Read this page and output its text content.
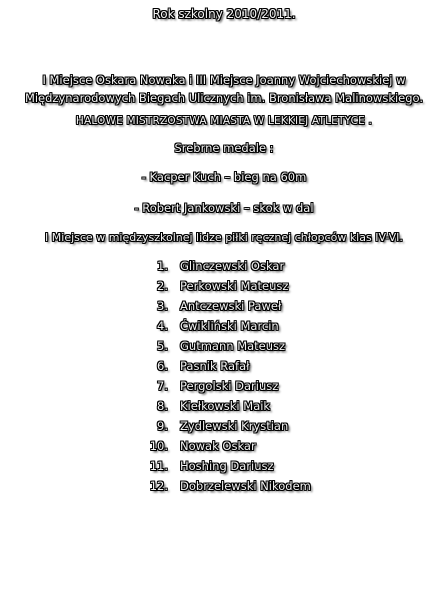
Rok szkolny 2010/2011.

I Miejsce Oskara Nowaka i III Miejsce Joanny Wojciechowskiej w Międzynarodowych Biegach Ulicznych im. Bronisława Malinowskiego.

HALOWE MISTRZOSTWA MIASTA W LEKKIEJ ATLETYCE .

Srebrne medale :

- Kacper Kuch – bieg na 60m

- Robert Jankowski – skok w dal

I Miejsce w międzyszkolnej lidze piłki ręcznej chłopców klas IV-VI.

1.	Glinczewski Oskar
2.	Perkowski Mateusz
3.	Antczewski Paweł
4.	Ćwikliński Marcin
5.	Gutmann Mateusz
6.	Pasnik Rafał
7.	Pergolski Dariusz
8.	Kiełkowski Maik
9.	Zydlewski Krystian
10.	Nowak Oskar
11.	Hoshing Dariusz
12.	Dobrzelewski Nikodem
